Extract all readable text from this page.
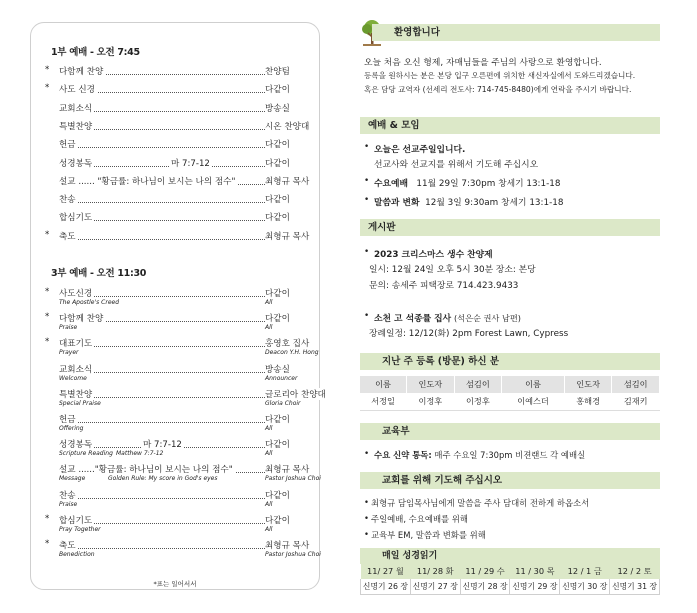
1부 예배 - 오전 7:45
* 다함께 찬양	찬양팀
* 사도 신경	다같이
교회소식	방송실
특별찬양	시온 찬양대
헌금	다같이
성경봉독	마 7:7-12	다같이
설교 ...... "황금률: 하나님이 보시는 나의 점수"	최형규 목사
찬송	다같이
합심기도	다같이
* 축도	최형규 목사
3부 예배 - 오전 11:30
* 사도신경	다같이
The Apostle's Creed	All
* 다함께 찬양	다같이
Praise	All
* 대표기도	홍영호 집사
Prayer	Deacon Y.H. Hong
교회소식	방송실
Welcome	Announcer
특별찬양	글로리아 찬양대
Special Praise	Gloria Choir
헌금	다같이
Offering	All
성경봉독	마 7:7-12	다같이
Scripture Reading Matthew 7:7-12	All
설교 ......"황금률: 하나님이 보시는 나의 점수"	최형규 목사
Message	Golden Rule: My score in God's eyes	Pastor Joshua Choi
찬송	다같이
Praise	All
* 합심기도	다같이
Pray Together	All
* 축도	최형규 목사
Benediction	Pastor Joshua Choi
*표는 일어서서
환영합니다
오늘 처음 오신 형제, 자매님들을 주님의 사랑으로 환영합니다.
등록을 원하시는 분은 본당 입구 오른편에 위치한 새신자실에서 도와드리겠습니다.
혹은 담당 교역자 (선세리 전도사: 714-745-8480)에게 연락을 주시기 바랍니다.
예배 & 모임
• 오늘은 선교주일입니다.
선교사와 선교지를 위해서 기도해 주십시오
• 수요예배 11월 29일 7:30pm 창세기 13:1-18
• 말씀과 변화 12월 3일 9:30am 창세기 13:1-18
게시판
• 2023 크리스마스 생수 찬양제
일시: 12월 24일 오후 5시 30분 장소: 본당
문의: 송세주 피택장로 714.423.9433
• 소천 고 석종률 집사 (석은순 권사 남편)
장례일정: 12/12(화) 2pm Forest Lawn, Cypress
지난 주 등록 (방문) 하신 분
이름	인도자	섬김이	이름	인도자	섬김이
서정일	이정후	이정후	이예스더	홍해경	김재키
교육부
• 수요 신약 통독: 매주 수요일 7:30pm 비젼랜드 각 예배실
교회를 위해 기도해 주십시오
• 최형규 담임목사님에게 말씀을 주사 담대히 전하게 하옵소서
• 주일예배, 수요예배를 위해
• 교육부 EM, 말씀과 변화를 위해
매일 성경읽기
11/ 27 월	11/ 28 화	11 / 29 수	11 / 30 목	12 / 1 금	12 / 2 토
신명기 26 장	신명기 27 장	신명기 28 장	신명기 29 장	신명기 30 장	신명기 31 장
